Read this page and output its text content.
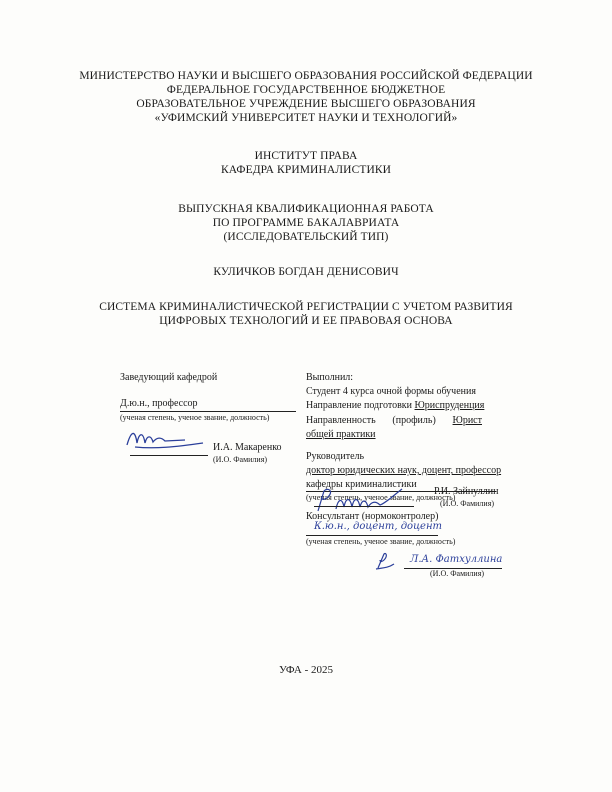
МИНИСТЕРСТВО НАУКИ И ВЫСШЕГО ОБРАЗОВАНИЯ РОССИЙСКОЙ ФЕДЕРАЦИИ
ФЕДЕРАЛЬНОЕ ГОСУДАРСТВЕННОЕ БЮДЖЕТНОЕ
ОБРАЗОВАТЕЛЬНОЕ УЧРЕЖДЕНИЕ ВЫСШЕГО ОБРАЗОВАНИЯ
«УФИМСКИЙ УНИВЕРСИТЕТ НАУКИ И ТЕХНОЛОГИЙ»
ИНСТИТУТ ПРАВА
КАФЕДРА КРИМИНАЛИСТИКИ
ВЫПУСКНАЯ КВАЛИФИКАЦИОННАЯ РАБОТА
ПО ПРОГРАММЕ БАКАЛАВРИАТА
(ИССЛЕДОВАТЕЛЬСКИЙ ТИП)
КУЛИЧКОВ БОГДАН ДЕНИСОВИЧ
СИСТЕМА КРИМИНАЛИСТИЧЕСКОЙ РЕГИСТРАЦИИ С УЧЕТОМ РАЗВИТИЯ
ЦИФРОВЫХ ТЕХНОЛОГИЙ И ЕЕ ПРАВОВАЯ ОСНОВА
Заведующий кафедрой
Д.ю.н., профессор
(ученая степень, ученое звание, должность)
И.А. Макаренко
(И.О. Фамилия)
Выполнил:
Студент 4 курса очной формы обучения
Направление подготовки Юриспруденция
Направленность (профиль) Юрист общей практики
Руководитель
доктор юридических наук, доцент, профессор
кафедры криминалистики
(ученая степень, ученое звание, должность)
Р.И. Зайнуллин
(И.О. Фамилия)
Консультант (нормоконтролер)
К.ю.н., доцент, доцент
(ученая степень, ученое звание, должность)
Л.А. Фатхуллина
(И.О. Фамилия)
УФА - 2025
